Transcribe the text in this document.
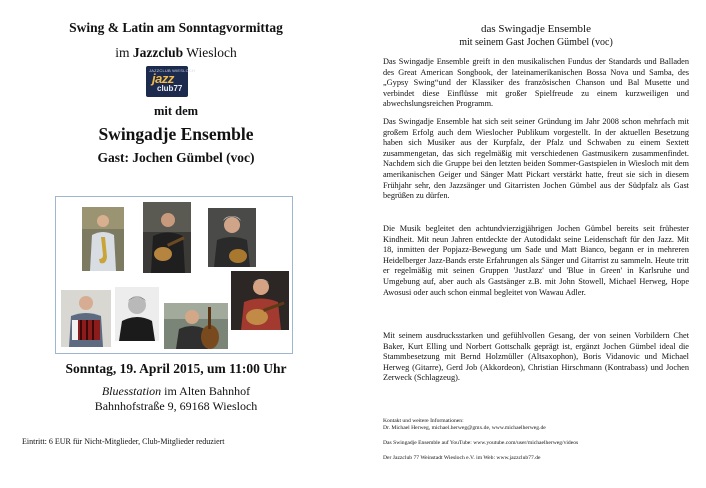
Swing & Latin am Sonntagvormittag
im Jazzclub Wiesloch
JAZZCLUB WIESLOCH
jazz
club77
mit dem
Swingadje Ensemble
Gast: Jochen Gümbel (voc)
Sonntag, 19. April 2015, um 11:00 Uhr
Bluesstation im Alten Bahnhof
Bahnhofstraße 9, 69168 Wiesloch
Eintritt: 6 EUR für Nicht-Mitglieder, Club-Mitglieder reduziert
das Swingadje Ensemble
mit seinem Gast Jochen Gümbel (voc)

Das Swingadje Ensemble greift in den musikalischen Fundus der Standards und Balladen des Great American Songbook, der lateinamerikanischen Bossa Nova und Samba, des „Gypsy Swing“und der Klassiker des französischen Chanson und Bal Musette und verbindet diese Einflüsse mit großer Spielfreude zu einem kurzweiligen und abwechslungsreichen Programm.

Das Swingadje Ensemble hat sich seit seiner Gründung im Jahr 2008 schon mehrfach mit großem Erfolg auch dem Wieslocher Publikum vorgestellt. In der aktuellen Besetzung haben sich Musiker aus der Kurpfalz, der Pfalz und Schwaben zu einem Sextett zusammengetan, das sich regelmäßig mit verschiedenen Gastmusikern zusammenfindet. Nachdem sich die Gruppe bei den letzten beiden Sommer-Gastspielen in Wiesloch mit dem amerikanischen Geiger und Sänger Matt Pickart verstärkt hatte, freut sie sich in diesem Frühjahr sehr, den Jazzsänger und Gitarristen Jochen Gümbel aus der Südpfalz als Gast begrüßen zu dürfen.

Die Musik begleitet den achtundvierzigjährigen Jochen Gümbel bereits seit frühester Kindheit. Mit neun Jahren entdeckte der Autodidakt seine Leidenschaft für den Jazz. Mit 18, inmitten der Popjazz-Bewegung um Sade und Matt Bianco, begann er in mehreren Heidelberger Jazz-Bands erste Erfahrungen als Sänger und Gitarrist zu sammeln. Heute tritt er regelmäßig mit seinen Gruppen 'JustJazz' und 'Blue in Green' in Karlsruhe und Umgebung auf, aber auch als Gastsänger z.B. mit John Stowell, Michael Herweg, Hope Awosusi oder auch schon einmal begleitet von Wawau Adler.

Mit seinem ausdrucksstarken und gefühlvollen Gesang, der von seinen Vorbildern Chet Baker, Kurt Elling und Norbert Gottschalk geprägt ist, ergänzt Jochen Gümbel ideal die Stammbesetzung mit Bernd Holzmüller (Altsaxophon), Boris Vidanovic und Michael Herweg (Gitarre), Gerd Job (Akkordeon), Christian Hirschmann (Kontrabass) und Jochen Zerweck (Schlagzeug).

Kontakt und weitere Informationen:
Dr. Michael Herweg, michael.herweg@gmx.de, www.michaelherweg.de
Das Swingadje Ensemble auf YouTube: www.youtube.com/user/michaelherweg/videos
Der Jazzclub 77 Weinstadt Wiesloch e.V. im Web: www.jazzclub77.de
